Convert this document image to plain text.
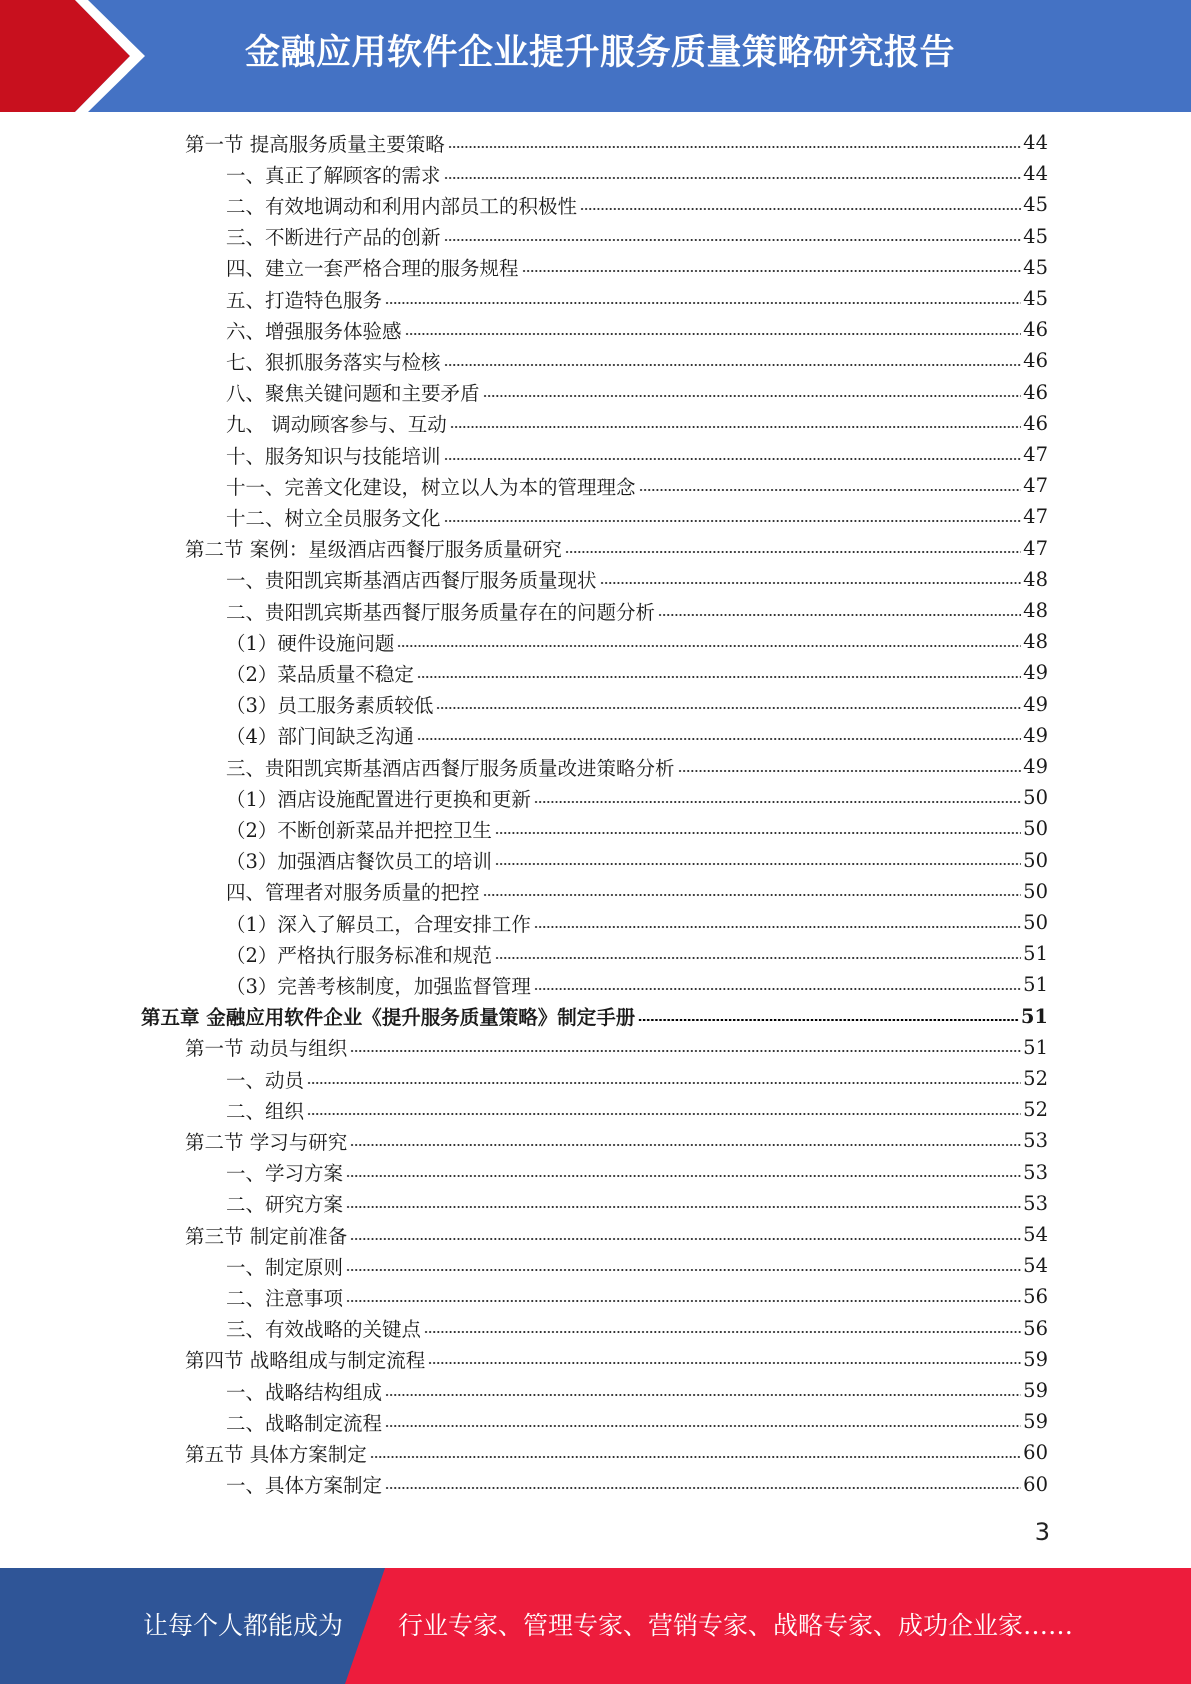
金融应用软件企业提升服务质量策略研究报告
第一节 提高服务质量主要策略	44
一、真正了解顾客的需求	44
二、有效地调动和利用内部员工的积极性	45
三、不断进行产品的创新	45
四、建立一套严格合理的服务规程	45
五、打造特色服务	45
六、增强服务体验感	46
七、狠抓服务落实与检核	46
八、聚焦关键问题和主要矛盾	46
九、 调动顾客参与、互动	46
十、服务知识与技能培训	47
十一、完善文化建设，树立以人为本的管理理念	47
十二、树立全员服务文化	47
第二节 案例：星级酒店西餐厅服务质量研究	47
一、贵阳凯宾斯基酒店西餐厅服务质量现状	48
二、贵阳凯宾斯基西餐厅服务质量存在的问题分析	48
（1）硬件设施问题	48
（2）菜品质量不稳定	49
（3）员工服务素质较低	49
（4）部门间缺乏沟通	49
三、贵阳凯宾斯基酒店西餐厅服务质量改进策略分析	49
（1）酒店设施配置进行更换和更新	50
（2）不断创新菜品并把控卫生	50
（3）加强酒店餐饮员工的培训	50
四、管理者对服务质量的把控	50
（1）深入了解员工，合理安排工作	50
（2）严格执行服务标准和规范	51
（3）完善考核制度，加强监督管理	51
第五章 金融应用软件企业《提升服务质量策略》制定手册	51
第一节 动员与组织	51
一、动员	52
二、组织	52
第二节 学习与研究	53
一、学习方案	53
二、研究方案	53
第三节 制定前准备	54
一、制定原则	54
二、注意事项	56
三、有效战略的关键点	56
第四节 战略组成与制定流程	59
一、战略结构组成	59
二、战略制定流程	59
第五节 具体方案制定	60
一、具体方案制定	60
3
让每个人都能成为 行业专家、管理专家、营销专家、战略专家、成功企业家……
